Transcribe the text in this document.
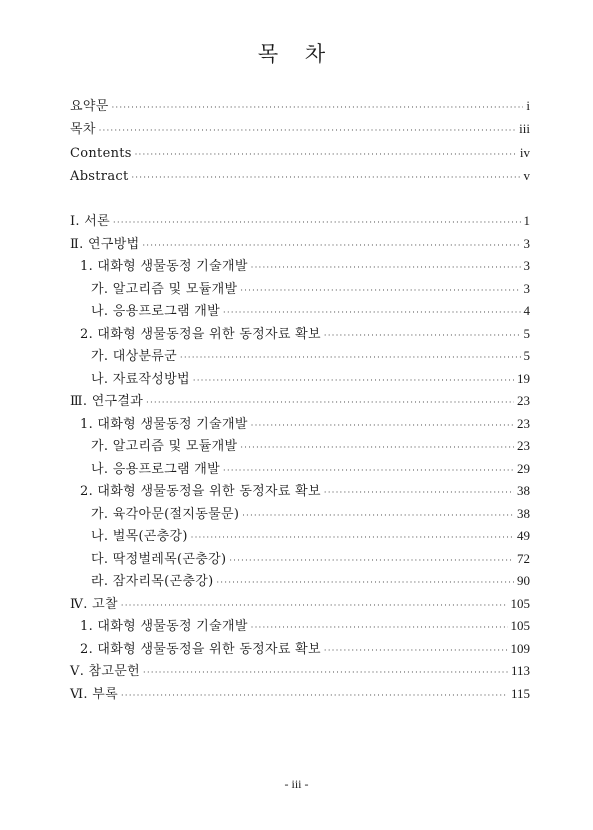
목 차
요약문 ·····	i
목차 ·····	iii
Contents ·····	iv
Abstract ·····	v
Ⅰ. 서론 ·····	1
Ⅱ. 연구방법 ·····	3
1. 대화형 생물동정 기술개발 ·····	3
가. 알고리즘 및 모듈개발 ·····	3
나. 응용프로그램 개발 ·····	4
2. 대화형 생물동정을 위한 동정자료 확보 ·····	5
가. 대상분류군 ·····	5
나. 자료작성방법 ·····	19
Ⅲ. 연구결과 ·····	23
1. 대화형 생물동정 기술개발 ·····	23
가. 알고리즘 및 모듈개발 ·····	23
나. 응용프로그램 개발 ·····	29
2. 대화형 생물동정을 위한 동정자료 확보 ·····	38
가. 육각아문(절지동물문) ·····	38
나. 벌목(곤충강) ·····	49
다. 딱정벌레목(곤충강) ·····	72
라. 잠자리목(곤충강) ·····	90
Ⅳ. 고찰 ·····	105
1. 대화형 생물동정 기술개발 ·····	105
2. 대화형 생물동정을 위한 동정자료 확보 ·····	109
Ⅴ. 참고문헌 ·····	113
Ⅵ. 부록 ·····	115
- iii -
